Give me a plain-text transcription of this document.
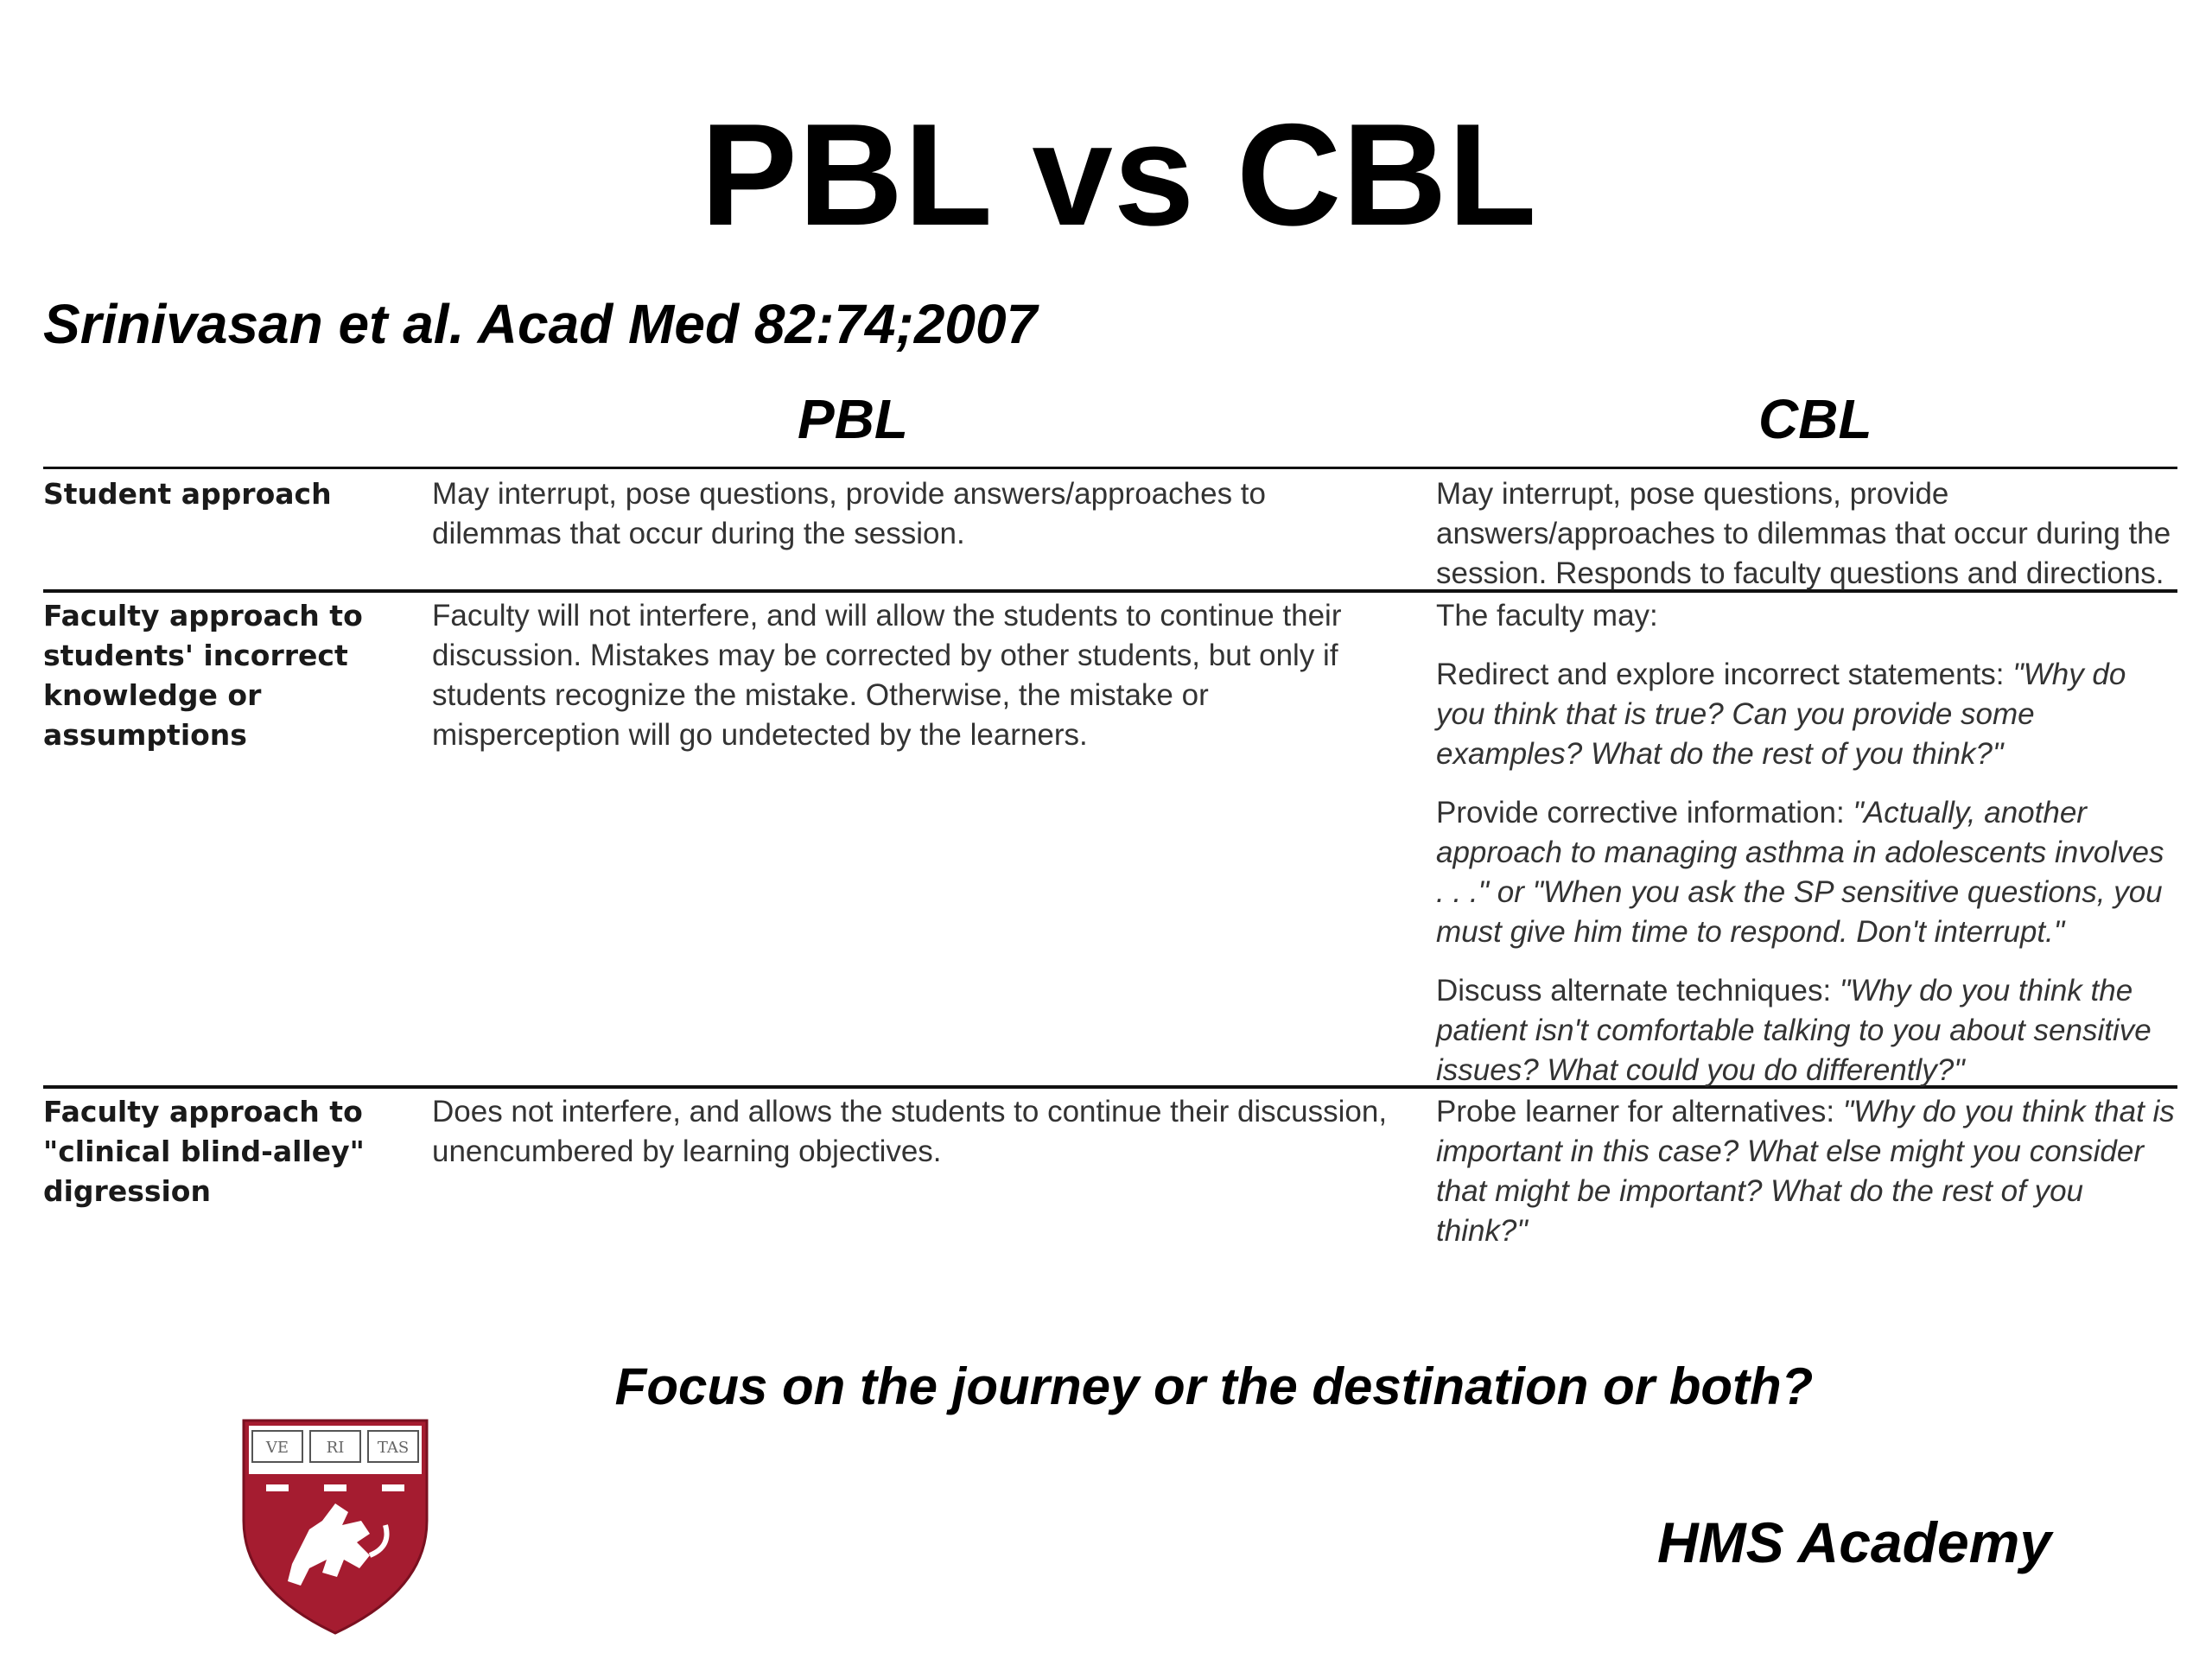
PBL vs CBL
Srinivasan et al. Acad Med 82:74;2007
PBL	CBL
Student approach	May interrupt, pose questions, provide answers/approaches to dilemmas that occur during the session.
May interrupt, pose questions, provide answers/approaches to dilemmas that occur during the session. Responds to faculty questions and directions.
Faculty approach to students' incorrect knowledge or assumptions
Faculty will not interfere, and will allow the students to continue their discussion. Mistakes may be corrected by other students, but only if students recognize the mistake. Otherwise, the mistake or misperception will go undetected by the learners.

The faculty may:

Redirect and explore incorrect statements: "Why do you think that is true? Can you provide some examples? What do the rest of you think?"

Provide corrective information: "Actually, another approach to managing asthma in adolescents involves . . ." or "When you ask the SP sensitive questions, you must give him time to respond. Don't interrupt."

Discuss alternate techniques: "Why do you think the patient isn't comfortable talking to you about sensitive issues? What could you do differently?"

Faculty approach to "clinical blind-alley" digression
Does not interfere, and allows the students to continue their discussion, unencumbered by learning objectives.
Probe learner for alternatives: "Why do you think that is important in this case? What else might you consider that might be important? What do the rest of you think?"
Focus on the journey or the destination or both?
VE RI TAS
HMS Academy
